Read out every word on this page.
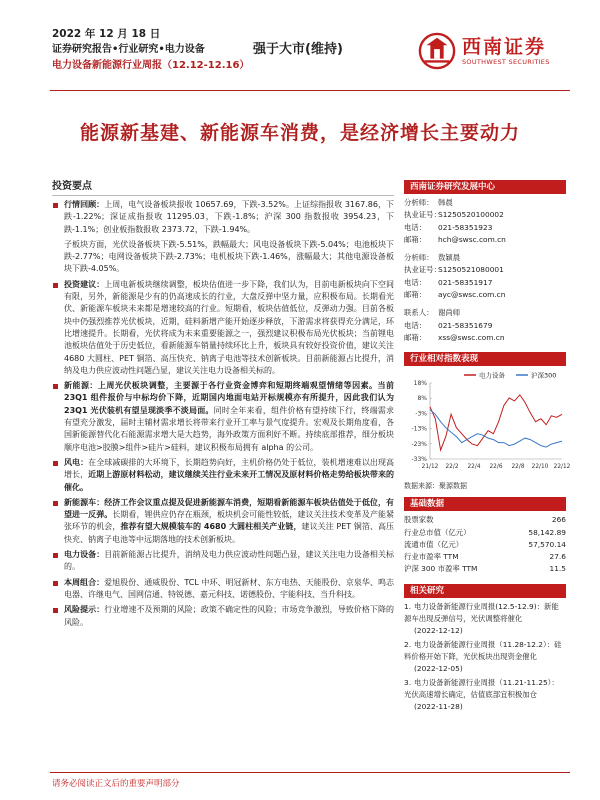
2022 年 12 月 18 日
证券研究报告•行业研究•电力设备
电力设备新能源行业周报（12.12-12.16）
强于大市(维持)	西南证券
SOUTHWEST SECURITIES
能源新基建、新能源车消费，是经济增长主要动力
投资要点
行情回顾：上周，电气设备板块报收 10657.69，下跌-3.52%。上证综指报收 3167.86，下跌-1.22%；深证成指报收 11295.03，下跌-1.8%；沪深 300 指数报收 3954.23，下跌-1.1%；创业板指数报收 2373.72，下跌-1.94%。
子板块方面，光伏设备板块下跌-5.51%，跌幅最大；风电设备板块下跌-5.04%；电池板块下跌-2.77%；电网设备板块下跌-2.73%；电机板块下跌-1.46%，涨幅最大；其他电源设备板块下跌-4.05%。
投资建议：上周电新板块继续调整，板块估值进一步下降，我们认为，目前电新板块向下空间有限，另外，新能源是少有的仍高速成长的行业，大盘反弹中坚力量，应积极布局。长期看光伏、新能源车板块未来都是增速较高的行业。短期看，板块估值低位，反弹动力强。目前各板块中仍强烈推荐光伏板块，近期，硅料新增产能开始逐步释放，下游需求将获得充分满足，环比增速提升。长期看，光伏将成为未来重要能源之一，强烈建议积极布局光伏板块；当前锂电池板块估值处于历史低位，看新能源车销量持续环比上升，板块具有较好投资价值，建议关注 4680 大圆柱、PET 铜箔、高压快充、钠离子电池等技术创新板块。目前新能源占比提升，消纳及电力供应波动性问题凸显，建议关注电力设备相关标的。
新能源：上周光伏板块调整，主要源于各行业资金博弈和短期终端观望情绪等因素。当前 23Q1 组件报价与中标均价下降，近期国内地面电站开标规模亦有所提升，因此我们认为 23Q1 光伏装机有望呈现淡季不淡局面。同时全年来看，组件价格有望持续下行，终端需求有望充分激发，届时主辅材需求增长将带来行业开工率与景气度提升。宏观及长期角度看，各国新能源替代化石能源需求增大是大趋势，海外政策方面利好不断。持续底部推荐，细分板块顺序电池>胶膜>组件>硅片>硅料，建议积极布局拥有 alpha 的公司。
风电：在全球减碳排的大环境下，长期趋势向好，主机价格仍处于低位，装机增速难以出现高增长，近期上游原材料松动，建议继续关注行业未来开工情况及原材料价格走势给板块带来的催化。
新能源车：经济工作会议重点提及促进新能源车消费，短期看新能源车板块估值处于低位，有望进一反弹。长期看，锂供应仍存在瓶颈，板块机会可能性较低，建议关注技术变革及产能紧张环节的机会，推荐有望大规模装车的 4680 大圆柱相关产业链，建议关注 PET 铜箔、高压快充、钠离子电池等中远期落地的技术创新板块。
电力设备：目前新能源占比提升，消纳及电力供应波动性问题凸显，建议关注电力设备相关标的。
本周组合：爱旭股份、通威股份、TCL 中环、明冠新材、东方电热、天能股份、京泉华、鸣志电器、许继电气、国网信通、特锐德、嘉元科技、诺德股份、宇能科技、当升科技。
风险提示：行业增速不及预期的风险；政策不确定性的风险；市场竞争激烈，导致价格下降的风险。
西南证券研究发展中心
分析师： 韩晨
执业证号：S1250520100002
电话： 021-58351923
邮箱： hch@swsc.com.cn
分析师： 敖颖晨
执业证号：S1250521080001
电话： 021-58351917
邮箱： ayc@swsc.com.cn
联系人： 谢尚师
电话： 021-58351679
邮箱： xss@swsc.com.cn
行业相对指数表现
电力设备	沪深300
18%
8%
-3%
-13%
-23%
-33%
21/12 22/2 22/4 22/6 22/8 22/10 22/12
数据来源：聚源数据
基础数据
股票家数	266
行业总市值（亿元）	58,142.89
流通市值（亿元）	57,570.14
行业市盈率 TTM	27.6
沪深 300 市盈率 TTM	11.5
相关研究
1. 电力设备新能源行业周报(12.5-12.9)：新能源车出现反弹信号，光伏调整将催化
(2022-12-12)
2. 电力设备新能源行业周报（11.28-12.2）：硅料价格开始下降，光伏板块出现资金催化
(2022-12-05)
3. 电力设备新能源行业周报（11.21-11.25）：光伏高速增长确定，估值底部宜积极加仓
(2022-11-28)
请务必阅读正文后的重要声明部分
